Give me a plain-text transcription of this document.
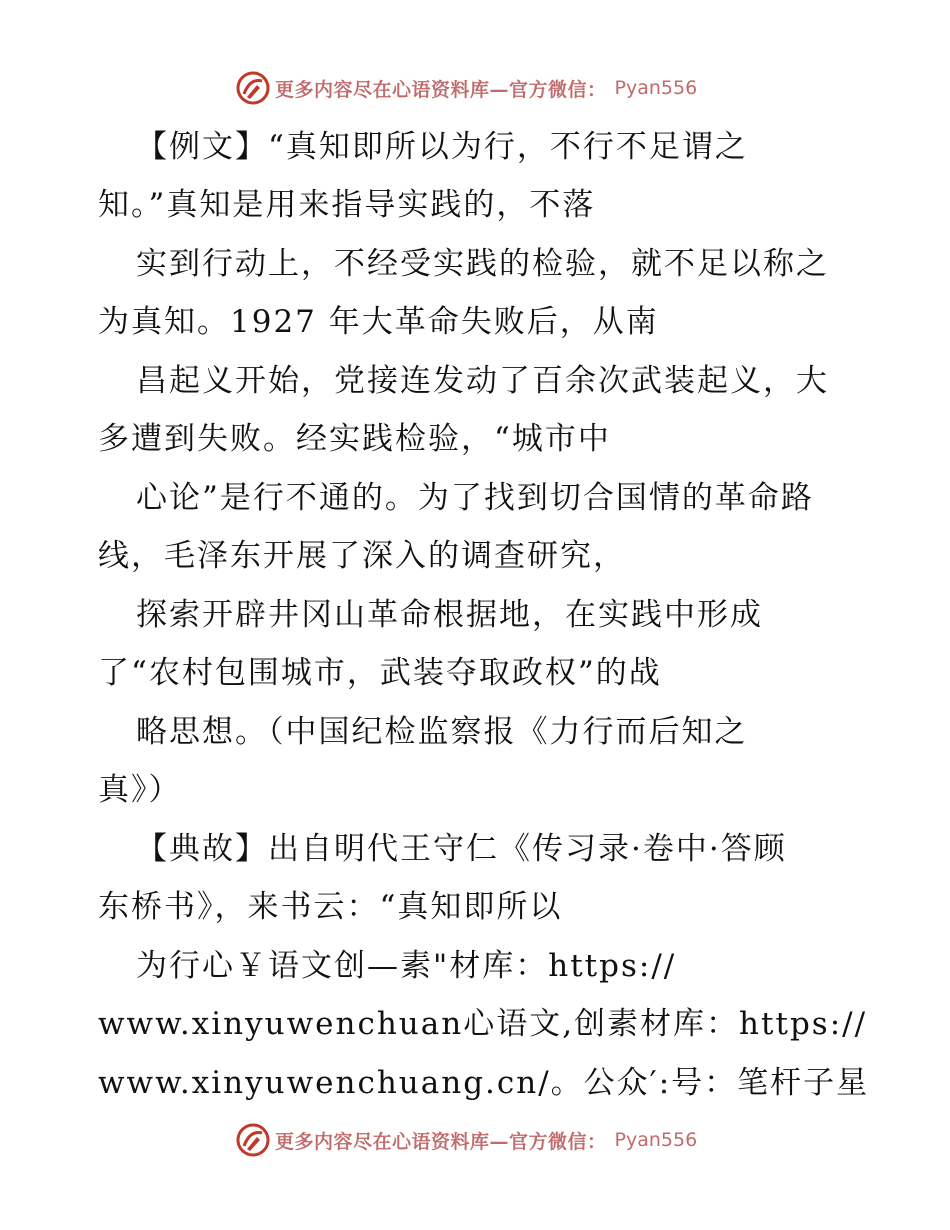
更多内容尽在心语资料库—官方微信： Pyan556
【例文】“真知即所以为行，不行不足谓之
知。”真知是用来指导实践的，不落
实到行动上，不经受实践的检验，就不足以称之
为真知。1927 年大革命失败后，从南
昌起义开始，党接连发动了百余次武装起义，大
多遭到失败。经实践检验，“城市中
心论”是行不通的。为了找到切合国情的革命路
线，毛泽东开展了深入的调查研究，
探索开辟井冈山革命根据地，在实践中形成
了“农村包围城市，武装夺取政权”的战
略思想。（中国纪检监察报《力行而后知之
真》）
【典故】出自明代王守仁《传习录·卷中·答顾
东桥书》，来书云：“真知即所以
为行心￥语文创—素"材库：https://
www.xinyuwenchuan心语文,创素材库：https://
www.xinyuwenchuang.cn/。公众′:号：笔杆子星
更多内容尽在心语资料库—官方微信： Pyan556
